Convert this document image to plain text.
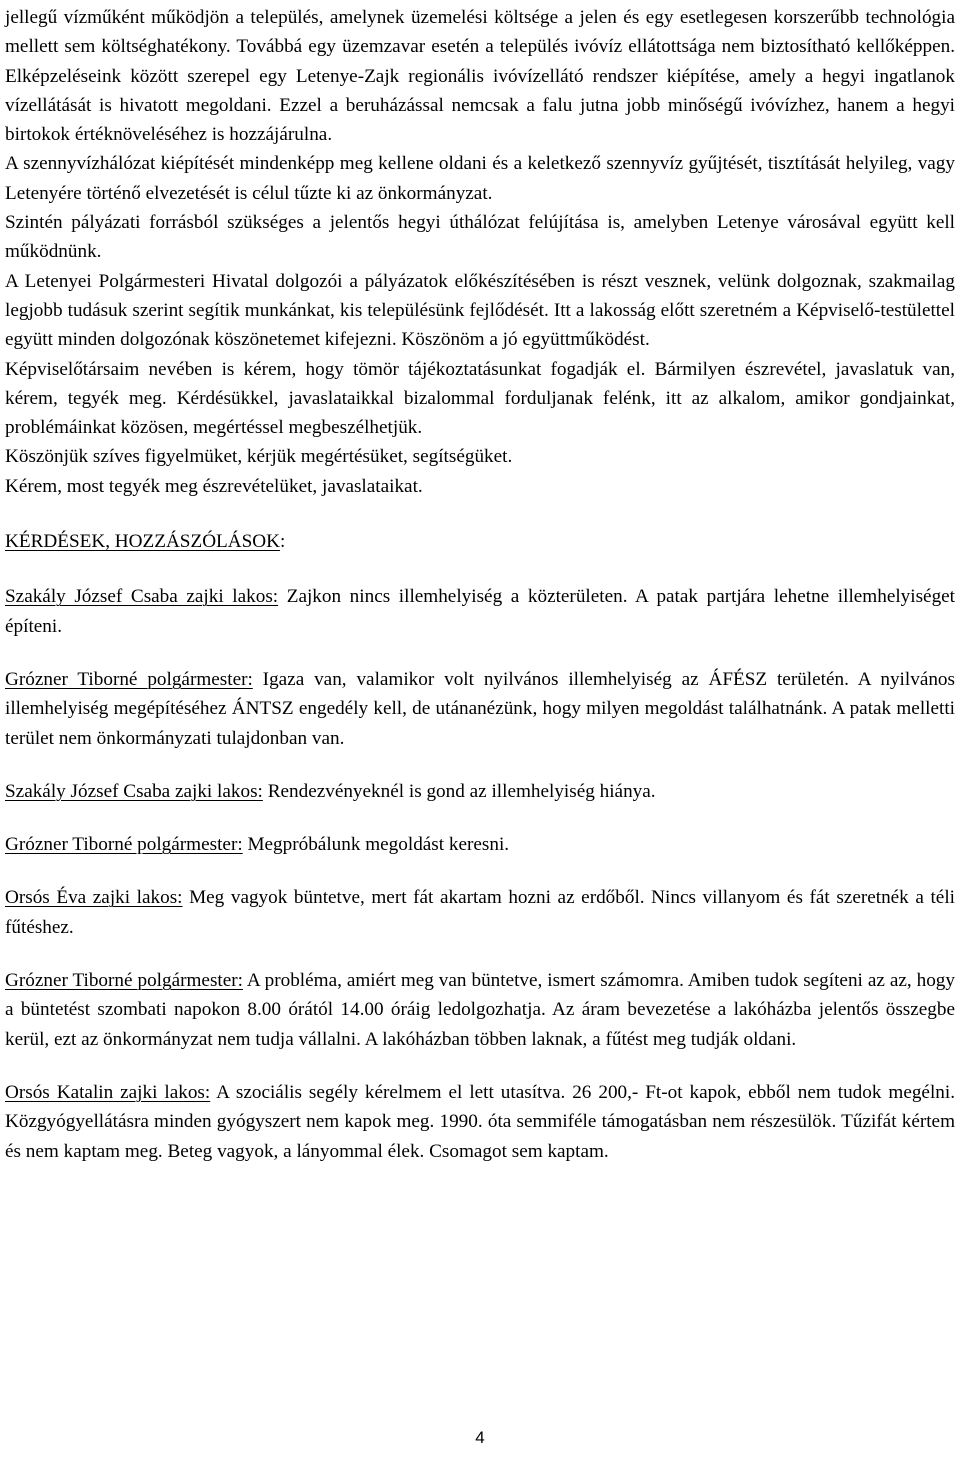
jellegű vízműként működjön a település, amelynek üzemelési költsége a jelen és egy esetlegesen korszerűbb technológia mellett sem költséghatékony. Továbbá egy üzemzavar esetén a település ivóvíz ellátottsága nem biztosítható kellőképpen. Elképzeléseink között szerepel egy Letenye-Zajk regionális ivóvízellátó rendszer kiépítése, amely a hegyi ingatlanok vízellátását is hivatott megoldani. Ezzel a beruházással nemcsak a falu jutna jobb minőségű ivóvízhez, hanem a hegyi birtokok értéknöveléséhez is hozzájárulna.

A szennyvízhálózat kiépítését mindenképp meg kellene oldani és a keletkező szennyvíz gyűjtését, tisztítását helyileg, vagy Letenyére történő elvezetését is célul tűzte ki az önkormányzat.

Szintén pályázati forrásból szükséges a jelentős hegyi úthálózat felújítása is, amelyben Letenye városával együtt kell működnünk.

A Letenyei Polgármesteri Hivatal dolgozói a pályázatok előkészítésében is részt vesznek, velünk dolgoznak, szakmailag legjobb tudásuk szerint segítik munkánkat, kis településünk fejlődését. Itt a lakosság előtt szeretném a Képviselő-testülettel együtt minden dolgozónak köszönetemet kifejezni. Köszönöm a jó együttműködést.

Képviselőtársaim nevében is kérem, hogy tömör tájékoztatásunkat fogadják el. Bármilyen észrevétel, javaslatuk van, kérem, tegyék meg. Kérdésükkel, javaslataikkal bizalommal forduljanak felénk, itt az alkalom, amikor gondjainkat, problémáinkat közösen, megértéssel megbeszélhetjük.

Köszönjük szíves figyelmüket, kérjük megértésüket, segítségüket.

Kérem, most tegyék meg észrevételüket, javaslataikat.

KÉRDÉSEK, HOZZÁSZÓLÁSOK:

Szakály József Csaba zajki lakos: Zajkon nincs illemhelyiség a közterületen. A patak partjára lehetne illemhelyiséget építeni.

Grózner Tiborné polgármester: Igaza van, valamikor volt nyilvános illemhelyiség az ÁFÉSZ területén. A nyilvános illemhelyiség megépítéséhez ÁNTSZ engedély kell, de utánanézünk, hogy milyen megoldást találhatnánk. A patak melletti terület nem önkormányzati tulajdonban van.

Szakály József Csaba zajki lakos: Rendezvényeknél is gond az illemhelyiség hiánya.

Grózner Tiborné polgármester: Megpróbálunk megoldást keresni.

Orsós Éva zajki lakos: Meg vagyok büntetve, mert fát akartam hozni az erdőből. Nincs villanyom és fát szeretnék a téli fűtéshez.

Grózner Tiborné polgármester: A probléma, amiért meg van büntetve, ismert számomra. Amiben tudok segíteni az az, hogy a büntetést szombati napokon 8.00 órától 14.00 óráig ledolgozhatja. Az áram bevezetése a lakóházba jelentős összegbe kerül, ezt az önkormányzat nem tudja vállalni. A lakóházban többen laknak, a fűtést meg tudják oldani.

Orsós Katalin zajki lakos: A szociális segély kérelmem el lett utasítva. 26 200,- Ft-ot kapok, ebből nem tudok megélni. Közgyógyellátásra minden gyógyszert nem kapok meg. 1990. óta semmiféle támogatásban nem részesülök. Tűzifát kértem és nem kaptam meg. Beteg vagyok, a lányommal élek. Csomagot sem kaptam.

4
